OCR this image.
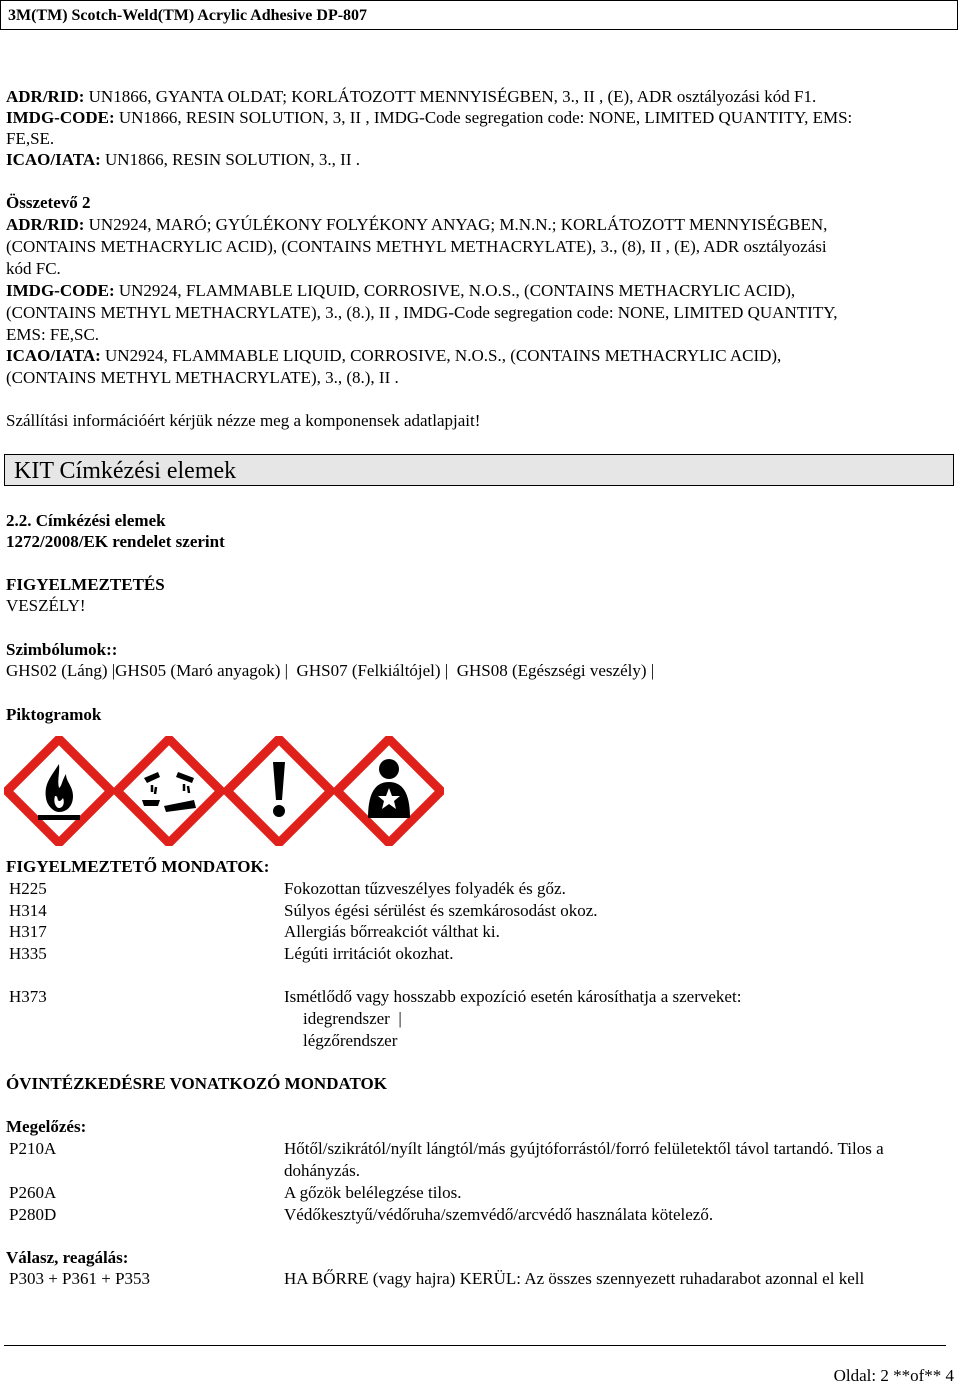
3M(TM) Scotch-Weld(TM) Acrylic Adhesive DP-807
ADR/RID: UN1866, GYANTA OLDAT; KORLÁTOZOTT MENNYISÉGBEN, 3., II , (E), ADR osztályozási kód F1.
IMDG-CODE: UN1866, RESIN SOLUTION, 3, II , IMDG-Code segregation code: NONE, LIMITED QUANTITY, EMS:
FE,SE.
ICAO/IATA: UN1866, RESIN SOLUTION, 3., II .
Összetevő 2
ADR/RID: UN2924, MARÓ; GYÚLÉKONY FOLYÉKONY ANYAG; M.N.N.; KORLÁTOZOTT MENNYISÉGBEN,
(CONTAINS METHACRYLIC ACID), (CONTAINS METHYL METHACRYLATE), 3., (8), II , (E), ADR osztályozási
kód FC.
IMDG-CODE: UN2924, FLAMMABLE LIQUID, CORROSIVE, N.O.S., (CONTAINS METHACRYLIC ACID),
(CONTAINS METHYL METHACRYLATE), 3., (8.), II , IMDG-Code segregation code: NONE, LIMITED QUANTITY,
EMS: FE,SC.
ICAO/IATA: UN2924, FLAMMABLE LIQUID, CORROSIVE, N.O.S., (CONTAINS METHACRYLIC ACID),
(CONTAINS METHYL METHACRYLATE), 3., (8.), II .
Szállítási információért kérjük nézze meg a komponensek adatlapjait!
KIT Címkézési elemek
2.2. Címkézési elemek
1272/2008/EK rendelet szerint
FIGYELMEZTETÉS
VESZÉLY!
Szimbólumok::
GHS02 (Láng) |GHS05 (Maró anyagok) |  GHS07 (Felkiáltójel) |  GHS08 (Egészségi veszély) |
Piktogramok
FIGYELMEZTETŐ MONDATOK:
H225	Fokozottan tűzveszélyes folyadék és gőz.
H314	Súlyos égési sérülést és szemkárosodást okoz.
H317	Allergiás bőrreakciót válthat ki.
H335	Légúti irritációt okozhat.
H373	Ismétlődő vagy hosszabb expozíció esetén károsíthatja a szerveket:
idegrendszer  |
légzőrendszer
ÓVINTÉZKEDÉSRE VONATKOZÓ MONDATOK
Megelőzés:
P210A	Hőtől/szikrától/nyílt lángtól/más gyújtóforrástól/forró felületektől távol tartandó. Tilos a
dohányzás.
P260A	A gőzök belélegzése tilos.
P280D	Védőkesztyű/védőruha/szemvédő/arcvédő használata kötelező.
Válasz, reagálás:
P303 + P361 + P353	HA BŐRRE (vagy hajra) KERÜL: Az összes szennyezett ruhadarabot azonnal el kell
Oldal: 2 **of** 4
